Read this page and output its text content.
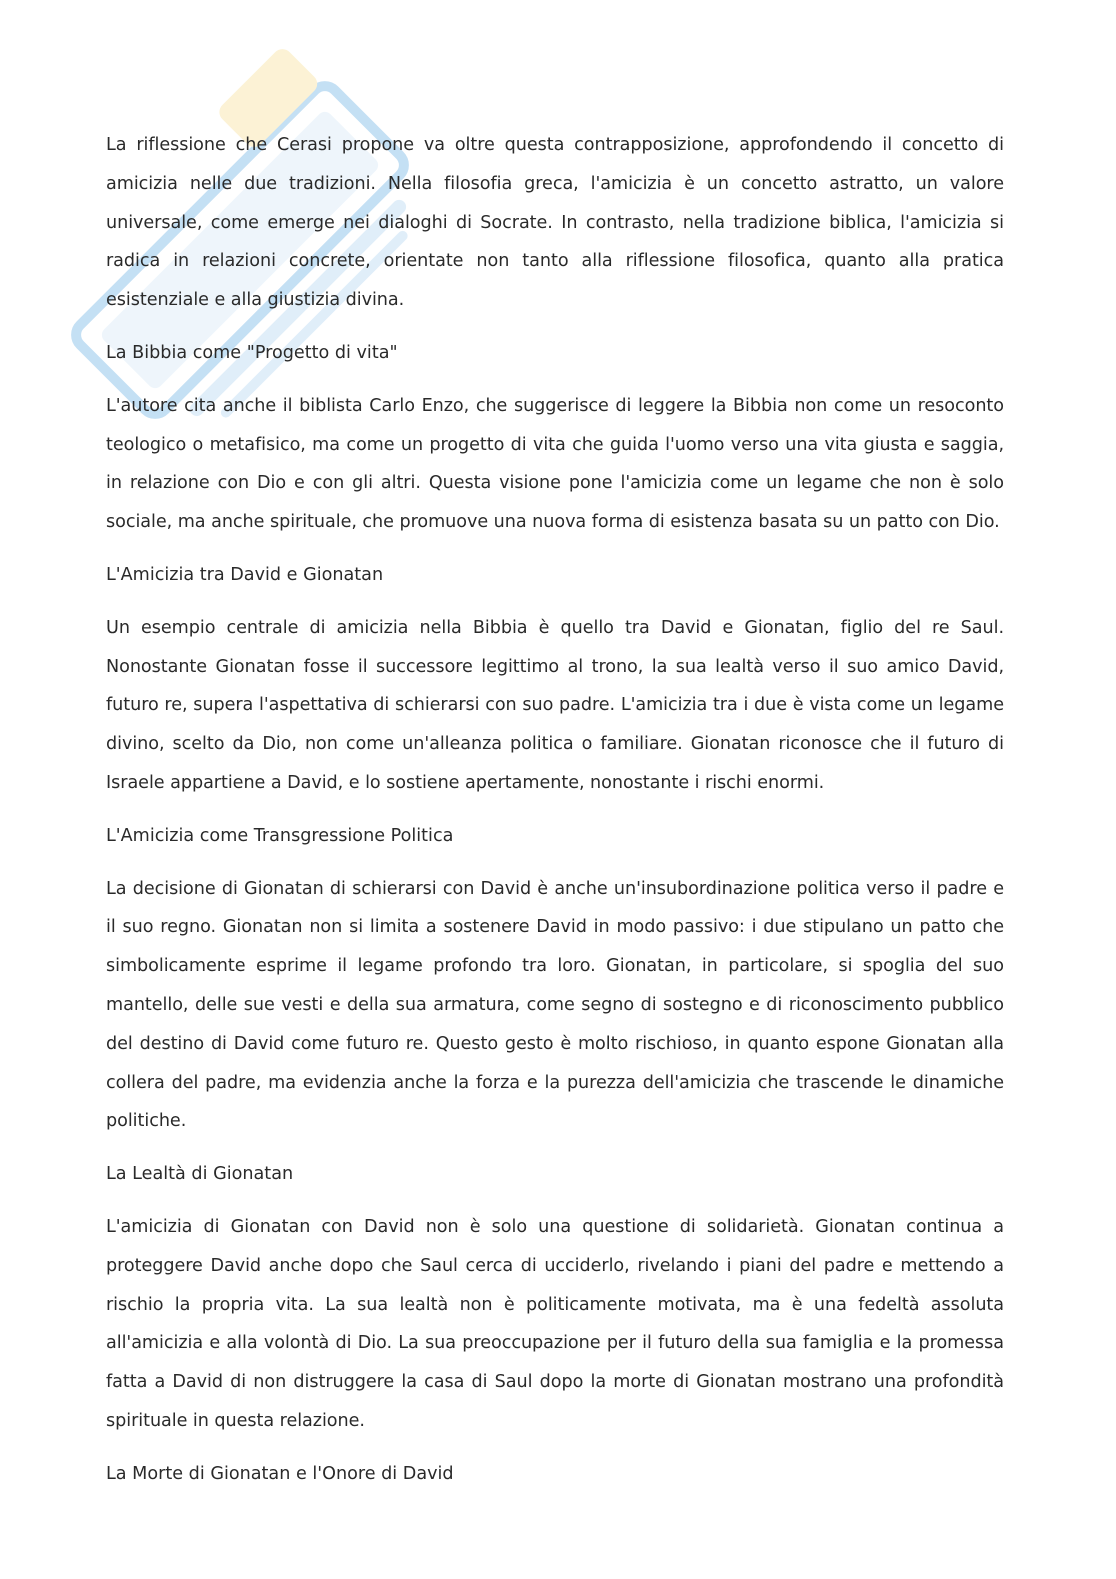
La riflessione che Cerasi propone va oltre questa contrapposizione, approfondendo il concetto di amicizia nelle due tradizioni. Nella filosofia greca, l'amicizia è un concetto astratto, un valore universale, come emerge nei dialoghi di Socrate. In contrasto, nella tradizione biblica, l'amicizia si radica in relazioni concrete, orientate non tanto alla riflessione filosofica, quanto alla pratica esistenziale e alla giustizia divina.

La Bibbia come "Progetto di vita"

L'autore cita anche il biblista Carlo Enzo, che suggerisce di leggere la Bibbia non come un resoconto teologico o metafisico, ma come un progetto di vita che guida l'uomo verso una vita giusta e saggia, in relazione con Dio e con gli altri. Questa visione pone l'amicizia come un legame che non è solo sociale, ma anche spirituale, che promuove una nuova forma di esistenza basata su un patto con Dio.

L'Amicizia tra David e Gionatan

Un esempio centrale di amicizia nella Bibbia è quello tra David e Gionatan, figlio del re Saul. Nonostante Gionatan fosse il successore legittimo al trono, la sua lealtà verso il suo amico David, futuro re, supera l'aspettativa di schierarsi con suo padre. L'amicizia tra i due è vista come un legame divino, scelto da Dio, non come un'alleanza politica o familiare. Gionatan riconosce che il futuro di Israele appartiene a David, e lo sostiene apertamente, nonostante i rischi enormi.

L'Amicizia come Transgressione Politica

La decisione di Gionatan di schierarsi con David è anche un'insubordinazione politica verso il padre e il suo regno. Gionatan non si limita a sostenere David in modo passivo: i due stipulano un patto che simbolicamente esprime il legame profondo tra loro. Gionatan, in particolare, si spoglia del suo mantello, delle sue vesti e della sua armatura, come segno di sostegno e di riconoscimento pubblico del destino di David come futuro re. Questo gesto è molto rischioso, in quanto espone Gionatan alla collera del padre, ma evidenzia anche la forza e la purezza dell'amicizia che trascende le dinamiche politiche.

La Lealtà di Gionatan

L'amicizia di Gionatan con David non è solo una questione di solidarietà. Gionatan continua a proteggere David anche dopo che Saul cerca di ucciderlo, rivelando i piani del padre e mettendo a rischio la propria vita. La sua lealtà non è politicamente motivata, ma è una fedeltà assoluta all'amicizia e alla volontà di Dio. La sua preoccupazione per il futuro della sua famiglia e la promessa fatta a David di non distruggere la casa di Saul dopo la morte di Gionatan mostrano una profondità spirituale in questa relazione.

La Morte di Gionatan e l'Onore di David
